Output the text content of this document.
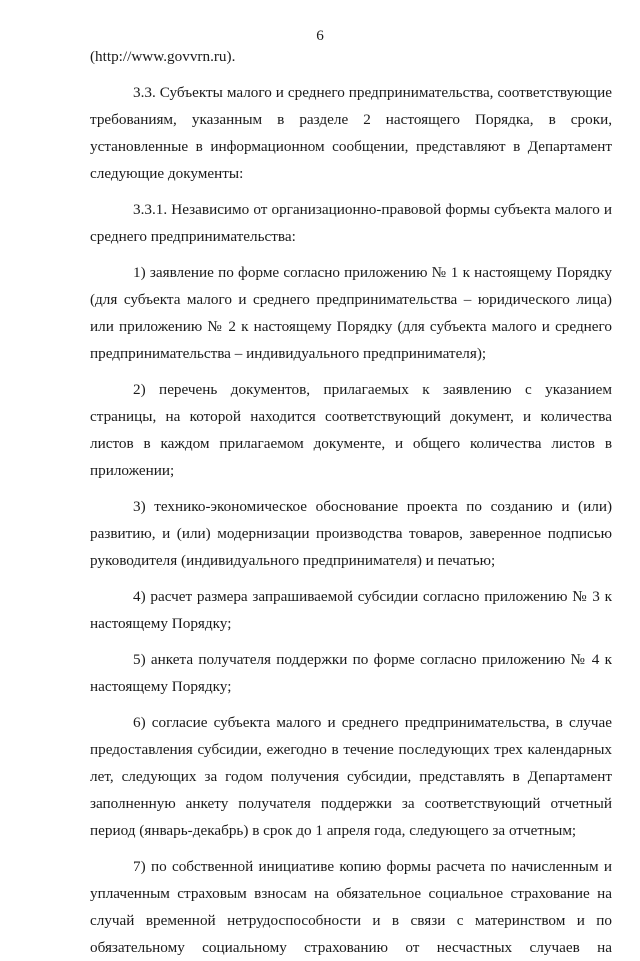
6

(http://www.govvrn.ru).

3.3. Субъекты малого и среднего предпринимательства, соответствующие требованиям, указанным в разделе 2 настоящего Порядка, в сроки, установленные в информационном сообщении, представляют в Департамент следующие документы:

3.3.1. Независимо от организационно-правовой формы субъекта малого и среднего предпринимательства:

1) заявление по форме согласно приложению № 1 к настоящему Порядку (для субъекта малого и среднего предпринимательства – юридического лица) или приложению № 2 к настоящему Порядку (для субъекта малого и среднего предпринимательства – индивидуального предпринимателя);

2) перечень документов, прилагаемых к заявлению с указанием страницы, на которой находится соответствующий документ, и количества листов в каждом прилагаемом документе, и общего количества листов в приложении;

3) технико-экономическое обоснование проекта по созданию и (или) развитию, и (или) модернизации производства товаров, заверенное подписью руководителя (индивидуального предпринимателя) и печатью;

4) расчет размера запрашиваемой субсидии согласно приложению № 3 к настоящему Порядку;

5) анкета получателя поддержки по форме согласно приложению № 4 к настоящему Порядку;

6) согласие субъекта малого и среднего предпринимательства, в случае предоставления субсидии, ежегодно в течение последующих трех календарных лет, следующих за годом получения субсидии, представлять в Департамент заполненную анкету получателя поддержки за соответствующий отчетный период (январь-декабрь) в срок до 1 апреля года, следующего за отчетным;

7) по собственной инициативе копию формы расчета по начисленным и уплаченным страховым взносам на обязательное социальное страхование на случай временной нетрудоспособности и в связи с материнством и по обязательному социальному страхованию от несчастных случаев на
